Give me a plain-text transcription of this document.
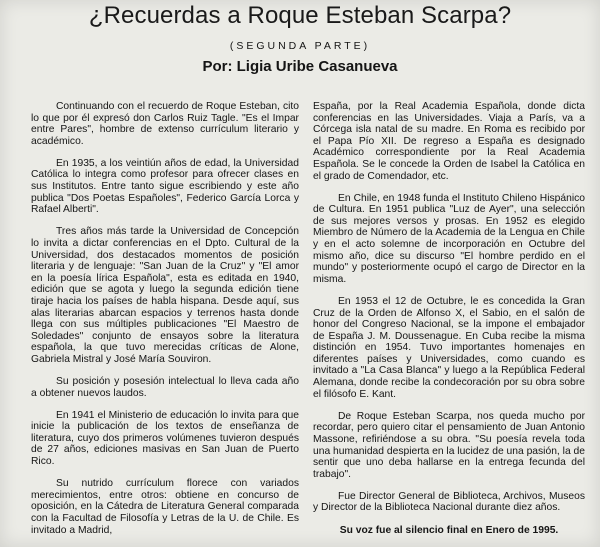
¿Recuerdas a Roque Esteban Scarpa?
(SEGUNDA PARTE)
Por: Ligia Uribe Casanueva

Continuando con el recuerdo de Roque Esteban, cito lo que por él expresó don Carlos Ruiz Tagle. "Es el Impar entre Pares", hombre de extenso currículum literario y académico.

En 1935, a los veintiún años de edad, la Universidad Católica lo integra como profesor para ofrecer clases en sus Institutos. Entre tanto sigue escribiendo y este año publica "Dos Poetas Españoles", Federico García Lorca y Rafael Alberti".

Tres años más tarde la Universidad de Concepción lo invita a dictar conferencias en el Dpto. Cultural de la Universidad, dos destacados momentos de posición literaria y de lenguaje: "San Juan de la Cruz" y "El amor en la poesía lírica Española", esta es editada en 1940, edición que se agota y luego la segunda edición tiene tiraje hacia los países de habla hispana. Desde aquí, sus alas literarias abarcan espacios y terrenos hasta donde llega con sus múltiples publicaciones "El Maestro de Soledades" conjunto de ensayos sobre la literatura española, la que tuvo merecidas críticas de Alone, Gabriela Mistral y José María Souviron.

Su posición y posesión intelectual lo lleva cada año a obtener nuevos laudos.

En 1941 el Ministerio de educación lo invita para que inicie la publicación de los textos de enseñanza de literatura, cuyo dos primeros volúmenes tuvieron después de 27 años, ediciones masivas en San Juan de Puerto Rico.

Su nutrido currículum florece con variados merecimientos, entre otros: obtiene en concurso de oposición, en la Cátedra de Literatura General comparada con la Facultad de Filosofía y Letras de la U. de Chile. Es invitado a Madrid,

España, por la Real Academia Española, donde dicta conferencias en las Universidades. Viaja a París, va a Córcega isla natal de su madre. En Roma es recibido por el Papa Pío XII. De regreso a España es designado Académico correspondiente por la Real Academia Española. Se le concede la Orden de Isabel la Católica en el grado de Comendador, etc.

En Chile, en 1948 funda el Instituto Chileno Hispánico de Cultura. En 1951 publica "Luz de Ayer", una selección de sus mejores versos y prosas. En 1952 es elegido Miembro de Número de la Academia de la Lengua en Chile y en el acto solemne de incorporación en Octubre del mismo año, dice su discurso "El hombre perdido en el mundo" y posteriormente ocupó el cargo de Director en la misma.

En 1953 el 12 de Octubre, le es concedida la Gran Cruz de la Orden de Alfonso X, el Sabio, en el salón de honor del Congreso Nacional, se la impone el embajador de España J. M. Doussenague. En Cuba recibe la misma distinción en 1954. Tuvo importantes homenajes en diferentes países y Universidades, como cuando es invitado a "La Casa Blanca" y luego a la República Federal Alemana, donde recibe la condecoración por su obra sobre el filósofo E. Kant.

De Roque Esteban Scarpa, nos queda mucho por recordar, pero quiero citar el pensamiento de Juan Antonio Massone, refiriéndose a su obra. "Su poesía revela toda una humanidad despierta en la lucidez de una pasión, la de sentir que uno deba hallarse en la entrega fecunda del trabajo".

Fue Director General de Biblioteca, Archivos, Museos y Director de la Biblioteca Nacional durante diez años.

Su voz fue al silencio final en Enero de 1995.
